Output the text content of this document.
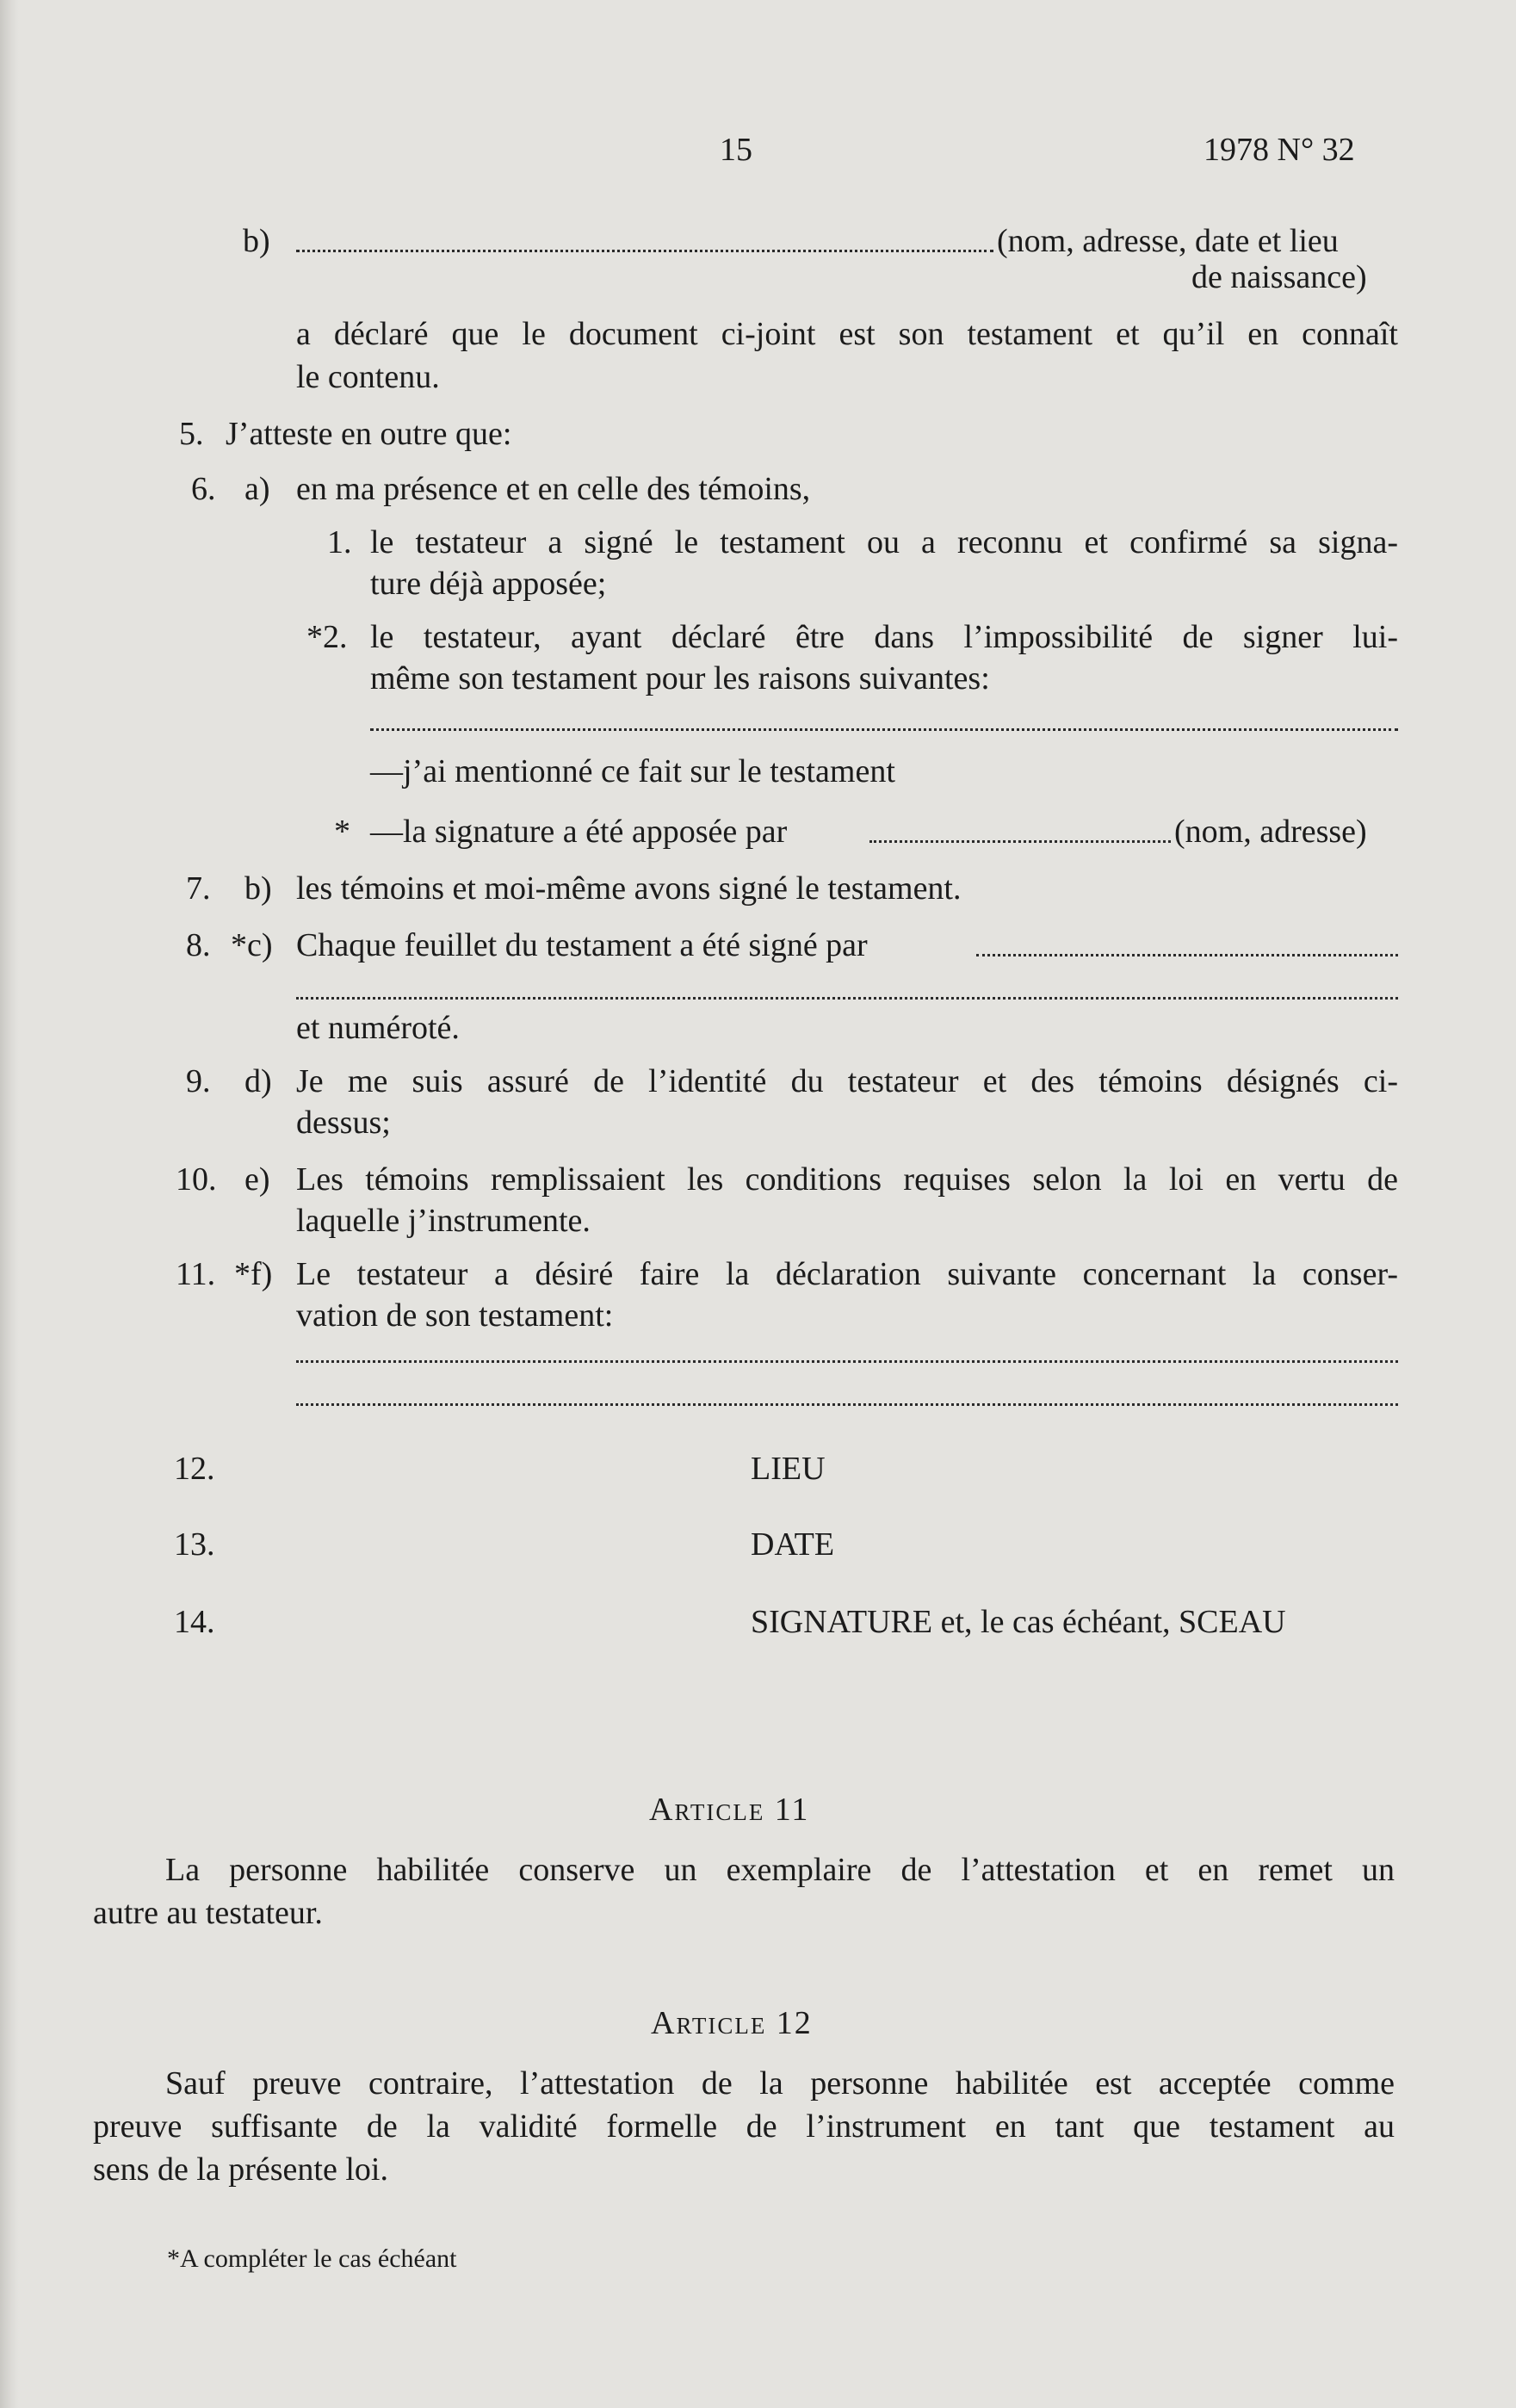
15	1978 N° 32
b)	(nom, adresse, date et lieu
de naissance)
a déclaré que le document ci-joint est son testament et qu’il en connaît
le contenu.
5. J’atteste en outre que:
6. a) en ma présence et en celle des témoins,
1. le testateur a signé le testament ou a reconnu et confirmé sa signa-
ture déjà apposée;
*2. le testateur, ayant déclaré être dans l’impossibilité de signer lui-
même son testament pour les raisons suivantes:
—j’ai mentionné ce fait sur le testament
* —la signature a été apposée par	(nom, adresse)
7. b) les témoins et moi-même avons signé le testament.
8. *c) Chaque feuillet du testament a été signé par
et numéroté.
9. d) Je me suis assuré de l’identité du testateur et des témoins désignés ci-
dessus;
10. e) Les témoins remplissaient les conditions requises selon la loi en vertu de
laquelle j’instrumente.
11. *f) Le testateur a désiré faire la déclaration suivante concernant la conser-
vation de son testament:
12.	LIEU
13.	DATE
14.	SIGNATURE et, le cas échéant, SCEAU
Article 11
La personne habilitée conserve un exemplaire de l’attestation et en remet un
autre au testateur.
Article 12
Sauf preuve contraire, l’attestation de la personne habilitée est acceptée comme
preuve suffisante de la validité formelle de l’instrument en tant que testament au
sens de la présente loi.
*A compléter le cas échéant
